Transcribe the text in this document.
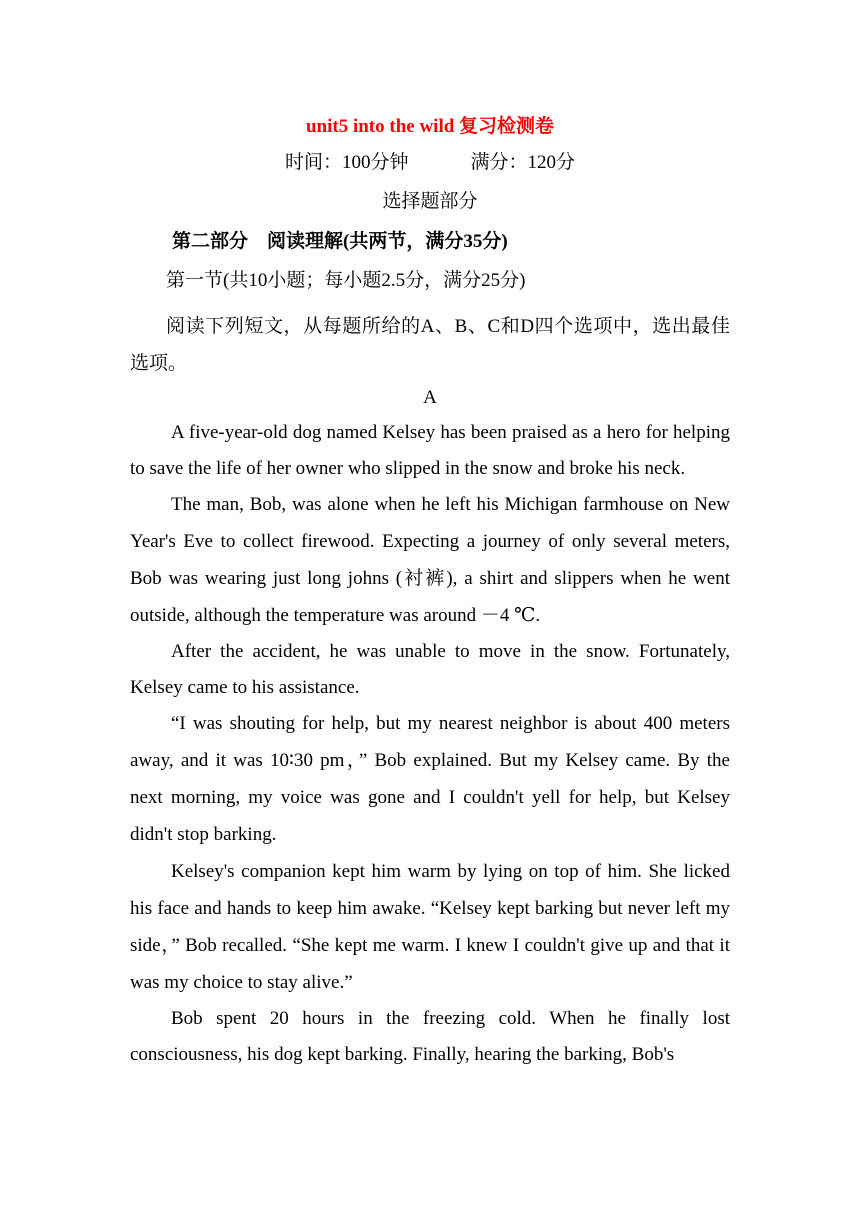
unit5 into the wild 复习检测卷
时间：100分钟	满分：120分
选择题部分
第二部分　阅读理解(共两节，满分35分)
第一节(共10小题；每小题2.5分，满分25分)
阅读下列短文，从每题所给的A、B、C和D四个选项中，选出最佳选项。
A

A five-year-old dog named Kelsey has been praised as a hero for helping to save the life of her owner who slipped in the snow and broke his neck.

The man, Bob, was alone when he left his Michigan farmhouse on New Year's Eve to collect firewood. Expecting a journey of only several meters, Bob was wearing just long johns (衬裤), a shirt and slippers when he went outside, although the temperature was around －4 ℃.

After the accident, he was unable to move in the snow. Fortunately, Kelsey came to his assistance.

“I was shouting for help, but my nearest neighbor is about 400 meters away, and it was 10∶30 pm，” Bob explained. But my Kelsey came. By the next morning, my voice was gone and I couldn't yell for help, but Kelsey didn't stop barking.

Kelsey's companion kept him warm by lying on top of him. She licked his face and hands to keep him awake. “Kelsey kept barking but never left my side，” Bob recalled. “She kept me warm. I knew I couldn't give up and that it was my choice to stay alive.”

Bob spent 20 hours in the freezing cold. When he finally lost consciousness, his dog kept barking. Finally, hearing the barking, Bob's
